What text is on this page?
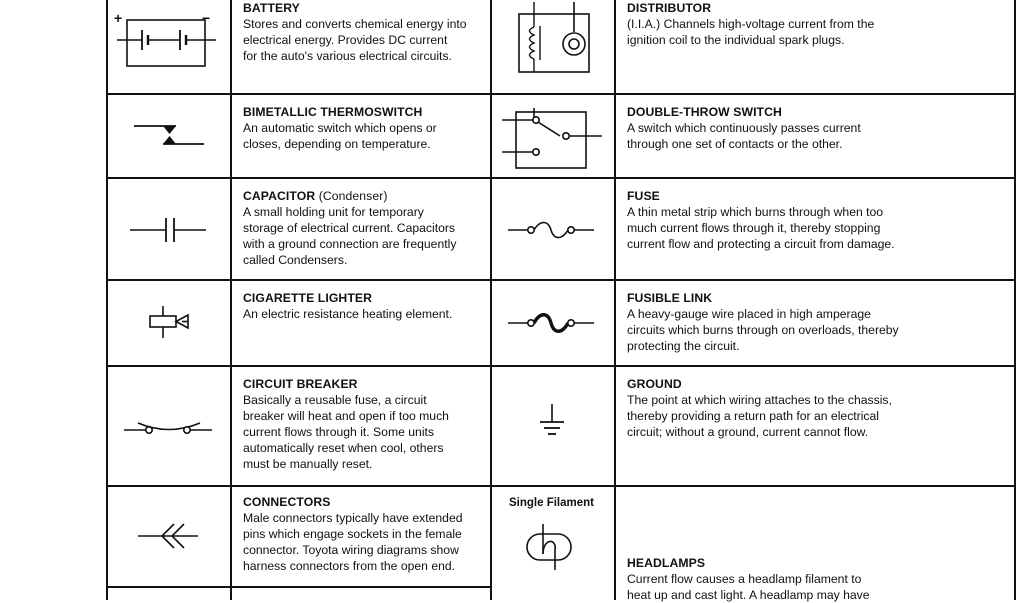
+	−
BATTERY
Stores and converts chemical energy into
electrical energy. Provides DC current
for the auto's various electrical circuits.
DISTRIBUTOR
(I.I.A.) Channels high-voltage current from the
ignition coil to the individual spark plugs.
BIMETALLIC THERMOSWITCH
An automatic switch which opens or
closes, depending on temperature.
DOUBLE-THROW SWITCH
A switch which continuously passes current
through one set of contacts or the other.
CAPACITOR (Condenser)
A small holding unit for temporary
storage of electrical current. Capacitors
with a ground connection are frequently
called Condensers.
FUSE
A thin metal strip which burns through when too
much current flows through it, thereby stopping
current flow and protecting a circuit from damage.
CIGARETTE LIGHTER
An electric resistance heating element.
FUSIBLE LINK
A heavy-gauge wire placed in high amperage
circuits which burns through on overloads, thereby
protecting the circuit.
CIRCUIT BREAKER
Basically a reusable fuse, a circuit
breaker will heat and open if too much
current flows through it. Some units
automatically reset when cool, others
must be manually reset.
GROUND
The point at which wiring attaches to the chassis,
thereby providing a return path for an electrical
circuit; without a ground, current cannot flow.
CONNECTORS
Male connectors typically have extended
pins which engage sockets in the female
connector. Toyota wiring diagrams show
harness connectors from the open end.
Single Filament
HEADLAMPS
Current flow causes a headlamp filament to
heat up and cast light. A headlamp may have
